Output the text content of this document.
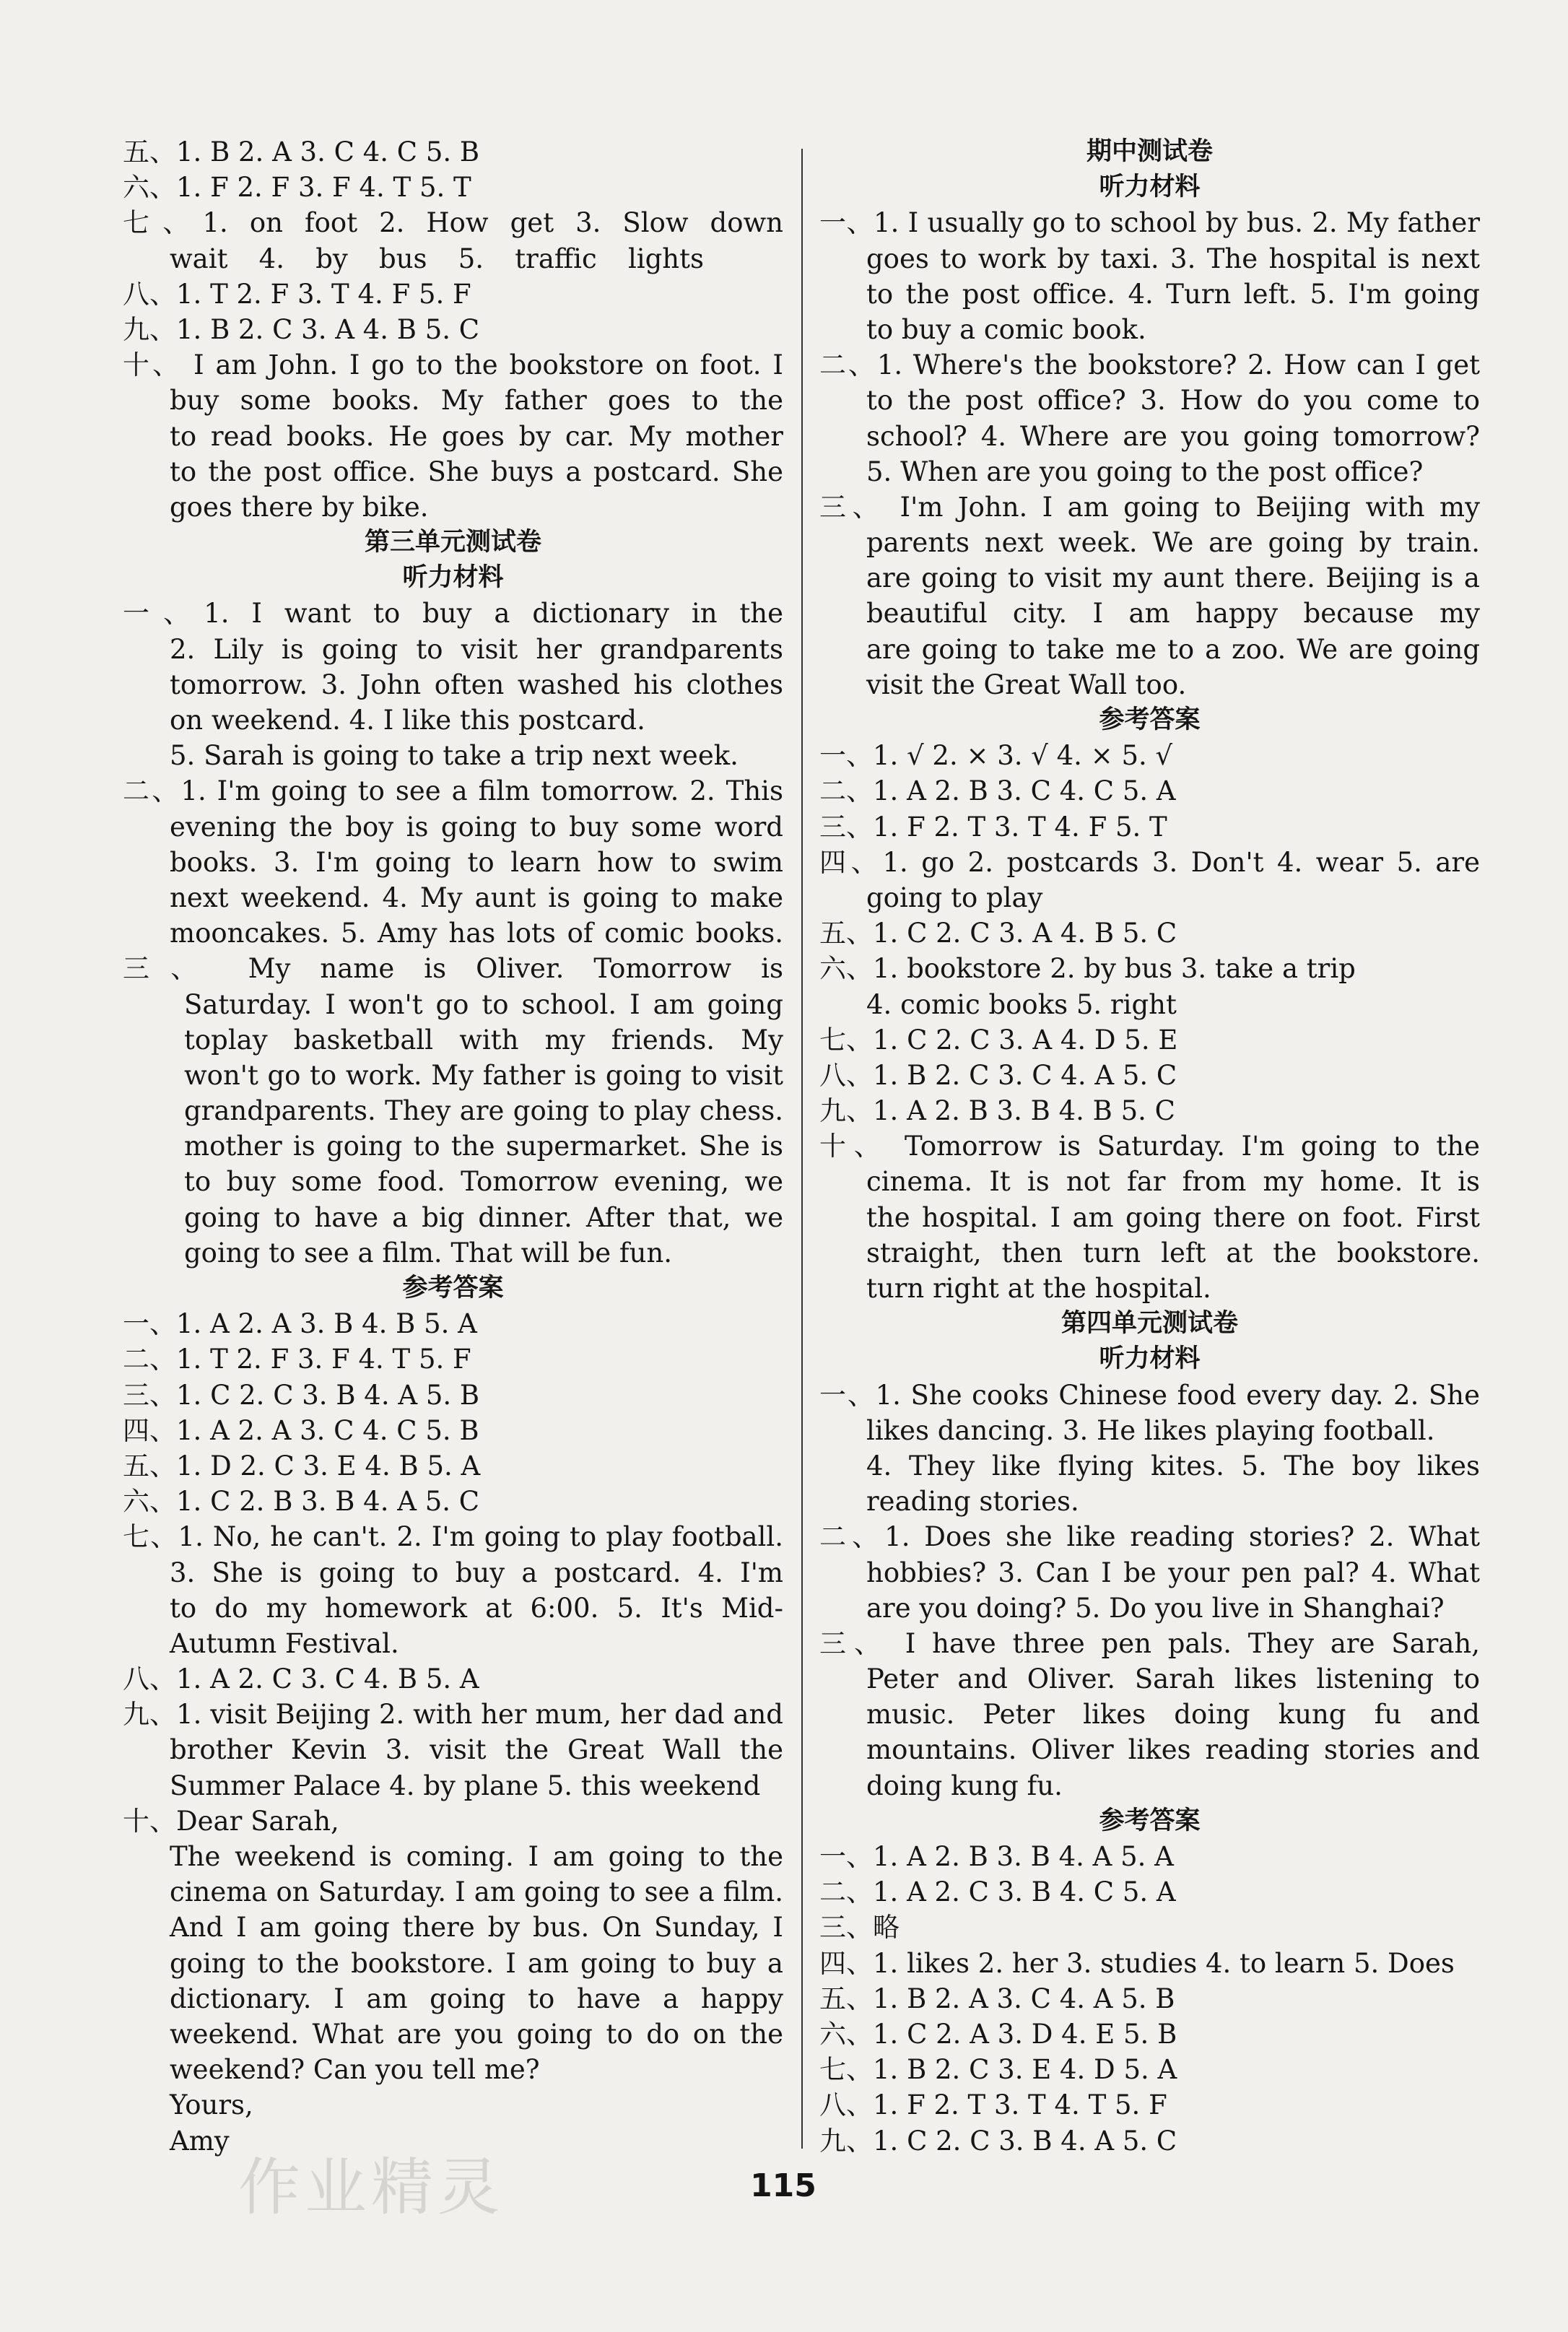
五、1. B 2. A 3. C 4. C 5. B
六、1. F 2. F 3. F 4. T 5. T
七、1. on foot 2. How get 3. Slow down
wait 4. by bus 5. traffic lights
八、1. T 2. F 3. T 4. F 5. F
九、1. B 2. C 3. A 4. B 5. C
十、 I am John. I go to the bookstore on foot. I
buy some books. My father goes to the
to read books. He goes by car. My mother
to the post office. She buys a postcard. She
goes there by bike.
第三单元测试卷
听力材料
一、1. I want to buy a dictionary in the
2. Lily is going to visit her grandparents
tomorrow. 3. John often washed his clothes
on weekend. 4. I like this postcard.
5. Sarah is going to take a trip next week.
二、1. I'm going to see a film tomorrow. 2. This
evening the boy is going to buy some word
books. 3. I'm going to learn how to swim
next weekend. 4. My aunt is going to make
mooncakes. 5. Amy has lots of comic books.
三、 My name is Oliver. Tomorrow is
Saturday. I won't go to school. I am going
toplay basketball with my friends. My
won't go to work. My father is going to visit
grandparents. They are going to play chess.
mother is going to the supermarket. She is
to buy some food. Tomorrow evening, we
going to have a big dinner. After that, we
going to see a film. That will be fun.
参考答案
一、1. A 2. A 3. B 4. B 5. A
二、1. T 2. F 3. F 4. T 5. F
三、1. C 2. C 3. B 4. A 5. B
四、1. A 2. A 3. C 4. C 5. B
五、1. D 2. C 3. E 4. B 5. A
六、1. C 2. B 3. B 4. A 5. C
七、1. No, he can't. 2. I'm going to play football.
3. She is going to buy a postcard. 4. I'm
to do my homework at 6:00. 5. It's Mid-
Autumn Festival.
八、1. A 2. C 3. C 4. B 5. A
九、1. visit Beijing 2. with her mum, her dad and
brother Kevin 3. visit the Great Wall the
Summer Palace 4. by plane 5. this weekend
十、Dear Sarah,
The weekend is coming. I am going to the
cinema on Saturday. I am going to see a film.
And I am going there by bus. On Sunday, I
going to the bookstore. I am going to buy a
dictionary. I am going to have a happy
weekend. What are you going to do on the
weekend? Can you tell me?
Yours,
Amy
期中测试卷
听力材料
一、1. I usually go to school by bus. 2. My father
goes to work by taxi. 3. The hospital is next
to the post office. 4. Turn left. 5. I'm going
to buy a comic book.
二、1. Where's the bookstore? 2. How can I get
to the post office? 3. How do you come to
school? 4. Where are you going tomorrow?
5. When are you going to the post office?
三、 I'm John. I am going to Beijing with my
parents next week. We are going by train.
are going to visit my aunt there. Beijing is a
beautiful city. I am happy because my
are going to take me to a zoo. We are going
visit the Great Wall too.
参考答案
一、1. √ 2. × 3. √ 4. × 5. √
二、1. A 2. B 3. C 4. C 5. A
三、1. F 2. T 3. T 4. F 5. T
四、1. go 2. postcards 3. Don't 4. wear 5. are
going to play
五、1. C 2. C 3. A 4. B 5. C
六、1. bookstore 2. by bus 3. take a trip
4. comic books 5. right
七、1. C 2. C 3. A 4. D 5. E
八、1. B 2. C 3. C 4. A 5. C
九、1. A 2. B 3. B 4. B 5. C
十、 Tomorrow is Saturday. I'm going to the
cinema. It is not far from my home. It is
the hospital. I am going there on foot. First
straight, then turn left at the bookstore.
turn right at the hospital.
第四单元测试卷
听力材料
一、1. She cooks Chinese food every day. 2. She
likes dancing. 3. He likes playing football.
4. They like flying kites. 5. The boy likes
reading stories.
二、1. Does she like reading stories? 2. What
hobbies? 3. Can I be your pen pal? 4. What
are you doing? 5. Do you live in Shanghai?
三、 I have three pen pals. They are Sarah,
Peter and Oliver. Sarah likes listening to
music. Peter likes doing kung fu and
mountains. Oliver likes reading stories and
doing kung fu.
参考答案
一、1. A 2. B 3. B 4. A 5. A
二、1. A 2. C 3. B 4. C 5. A
三、略
四、1. likes 2. her 3. studies 4. to learn 5. Does
五、1. B 2. A 3. C 4. A 5. B
六、1. C 2. A 3. D 4. E 5. B
七、1. B 2. C 3. E 4. D 5. A
八、1. F 2. T 3. T 4. T 5. F
九、1. C 2. C 3. B 4. A 5. C
作业精灵	115
